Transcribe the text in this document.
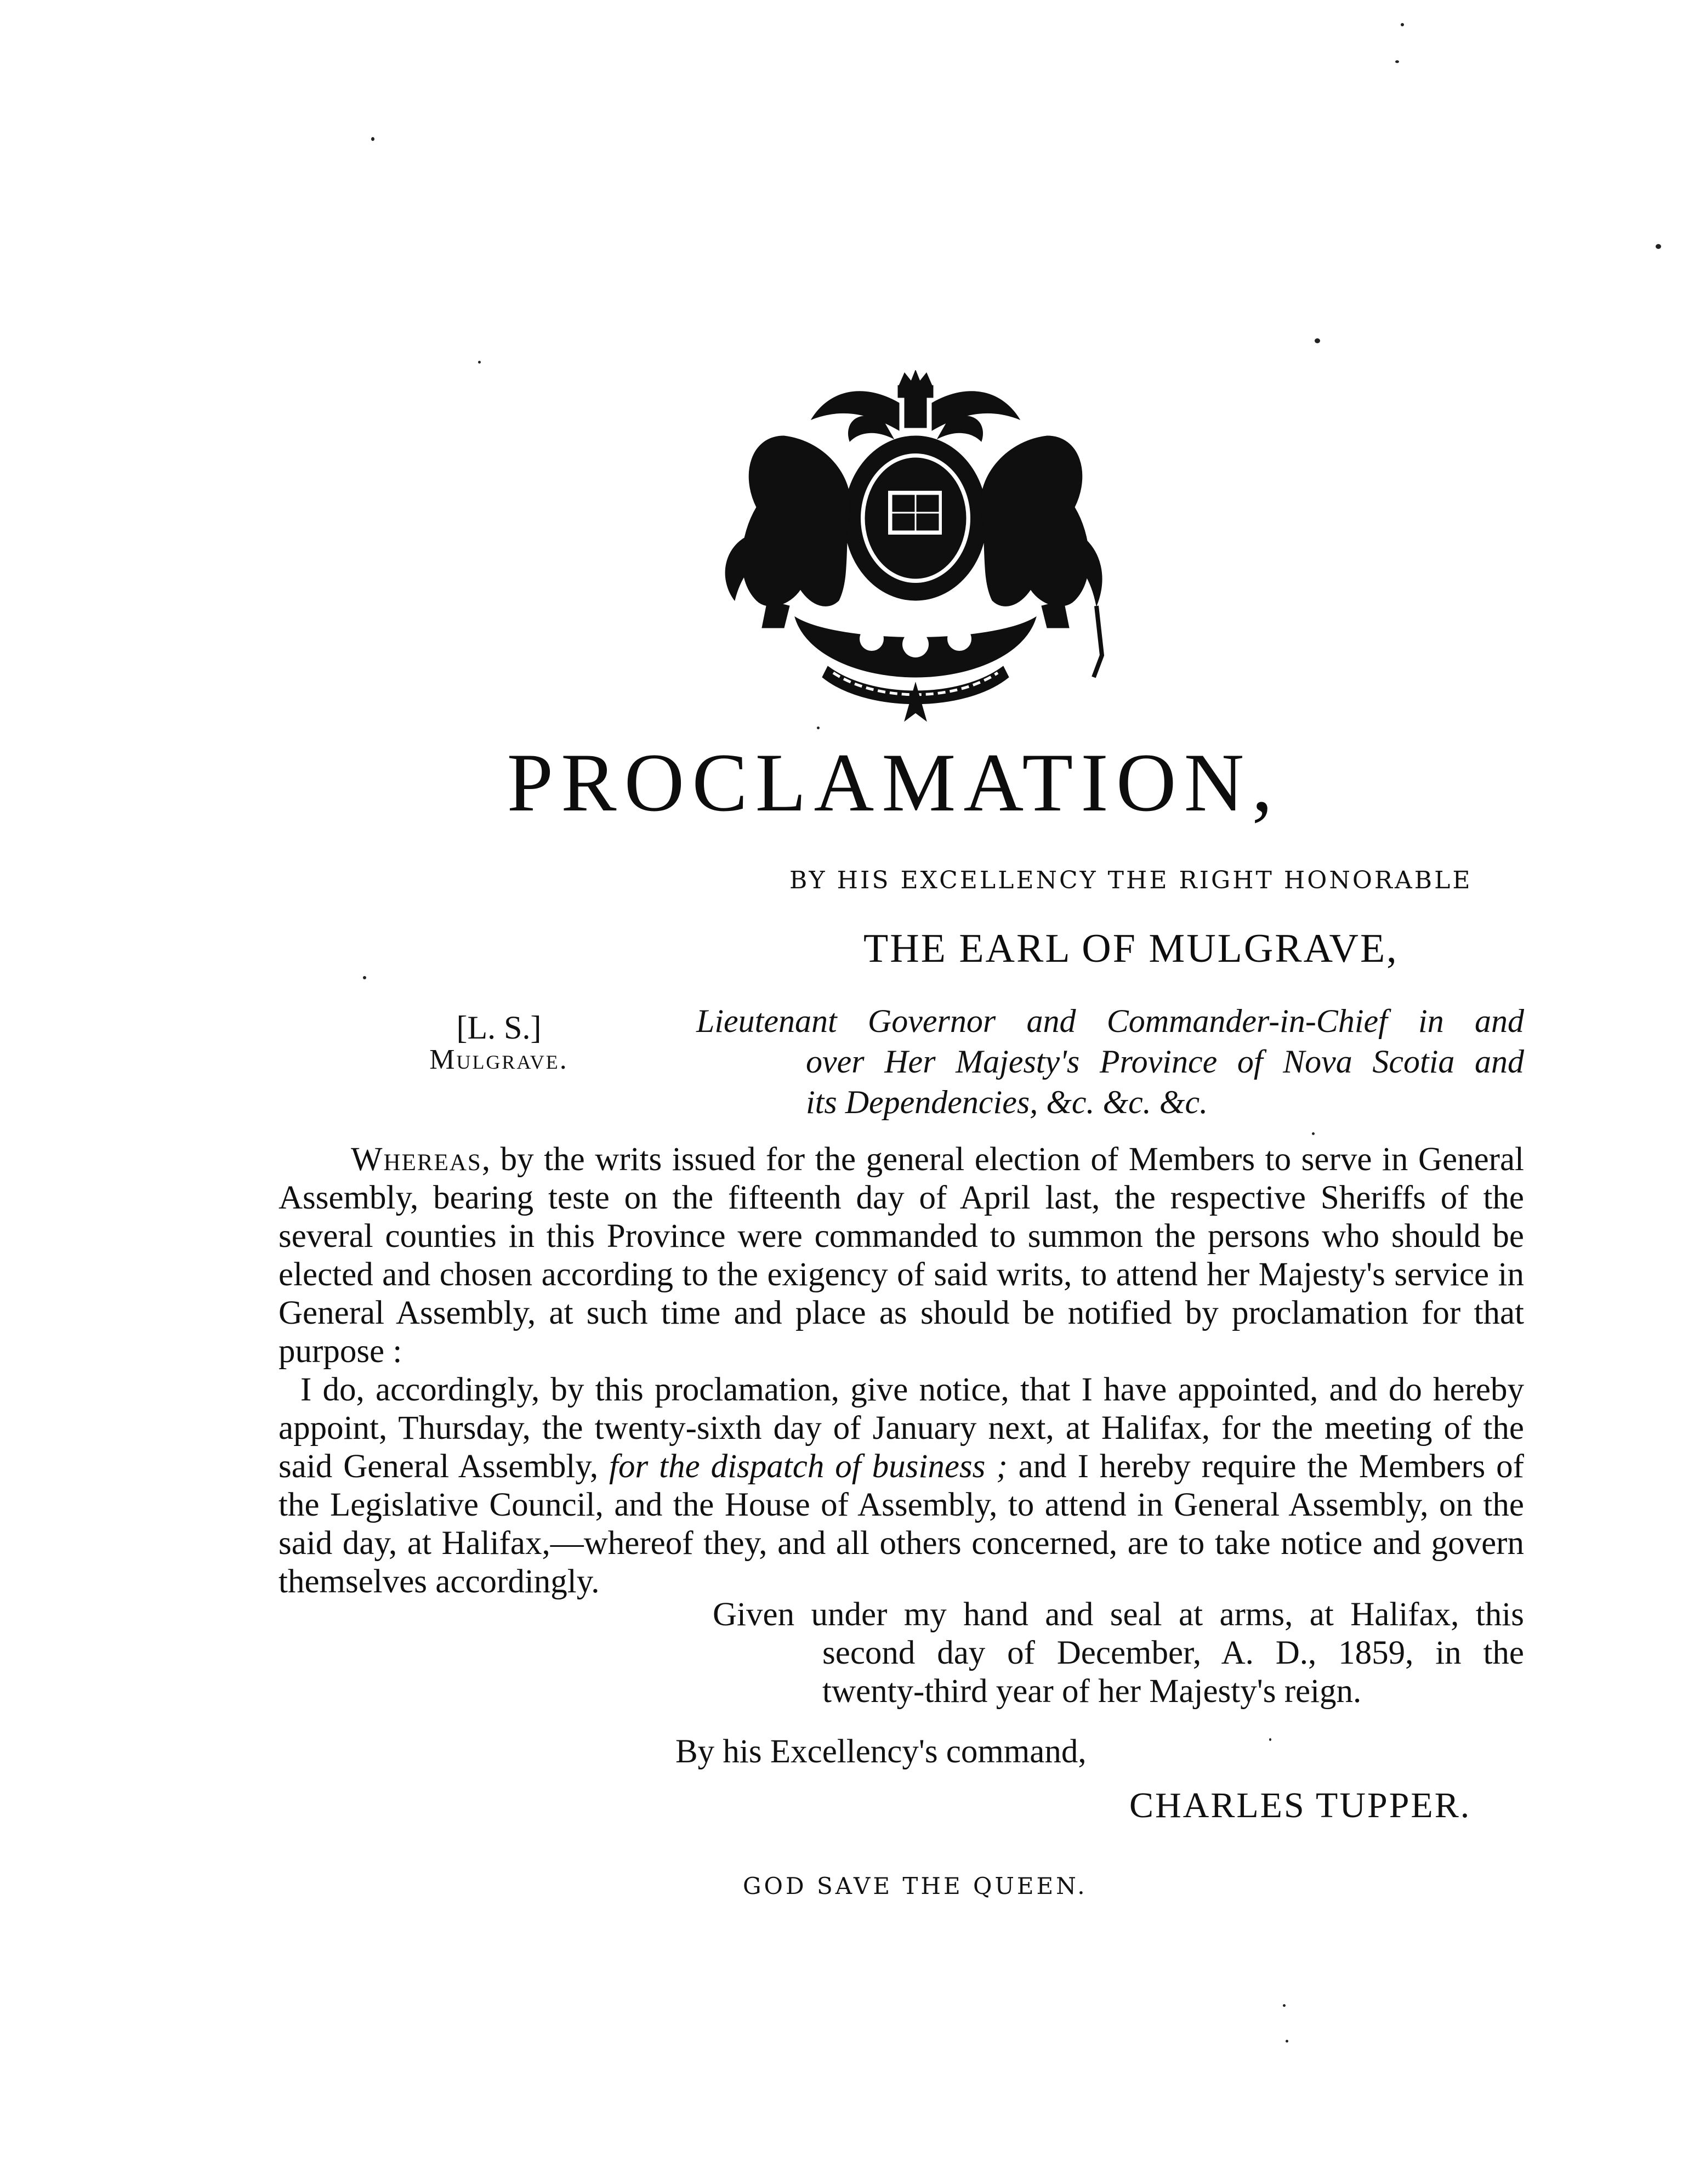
PROCLAMATION,
BY HIS EXCELLENCY THE RIGHT HONORABLE
THE EARL OF MULGRAVE,
[L. S.]
Mulgrave.
Lieutenant Governor and Commander-in-Chief in and
over Her Majesty's Province of Nova Scotia and
its Dependencies, &c. &c. &c.

Whereas, by the writs issued for the general election of Members to serve in General Assembly, bearing teste on the fifteenth day of April last, the respective Sheriffs of the several counties in this Province were commanded to summon the persons who should be elected and chosen according to the exigency of said writs, to attend her Majesty's service in General Assembly, at such time and place as should be notified by proclamation for that purpose :

I do, accordingly, by this proclamation, give notice, that I have appointed, and do hereby appoint, Thursday, the twenty-sixth day of January next, at Halifax, for the meeting of the said General Assembly, for the dispatch of business ; and I hereby require the Members of the Legislative Council, and the House of Assembly, to attend in General Assembly, on the said day, at Halifax,—whereof they, and all others concerned, are to take notice and govern themselves accordingly.

Given under my hand and seal at arms, at Halifax, this
second day of December, A. D., 1859, in the
twenty-third year of her Majesty's reign.
By his Excellency's command,
CHARLES TUPPER.
GOD SAVE THE QUEEN.
